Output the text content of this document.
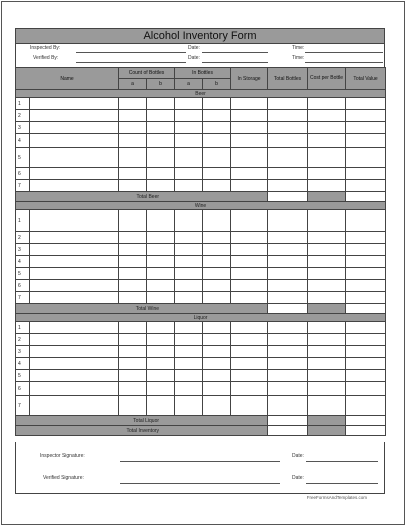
Alcohol Inventory Form
Inspected By:	Date:	Time:
Verified By:	Date:	Time:
Name		Count of Bottles		In Bottles		In Storage	Total Bottles	Cost per Bottle	Total Value
		a	b	a	b				
Beer									
1									
2									
3									
4									
5									
6									
7									
Total Beer									
Wine									
1									
2									
3									
4									
5									
6									
7									
Total Wine									
Liquor									
1									
2									
3									
4									
5									
6									
7									
Total Liquor									
Total Inventory									
Inspector Signature:	Date:
Verified Signature:	Date:
FreeFormsAndTemplates.com
